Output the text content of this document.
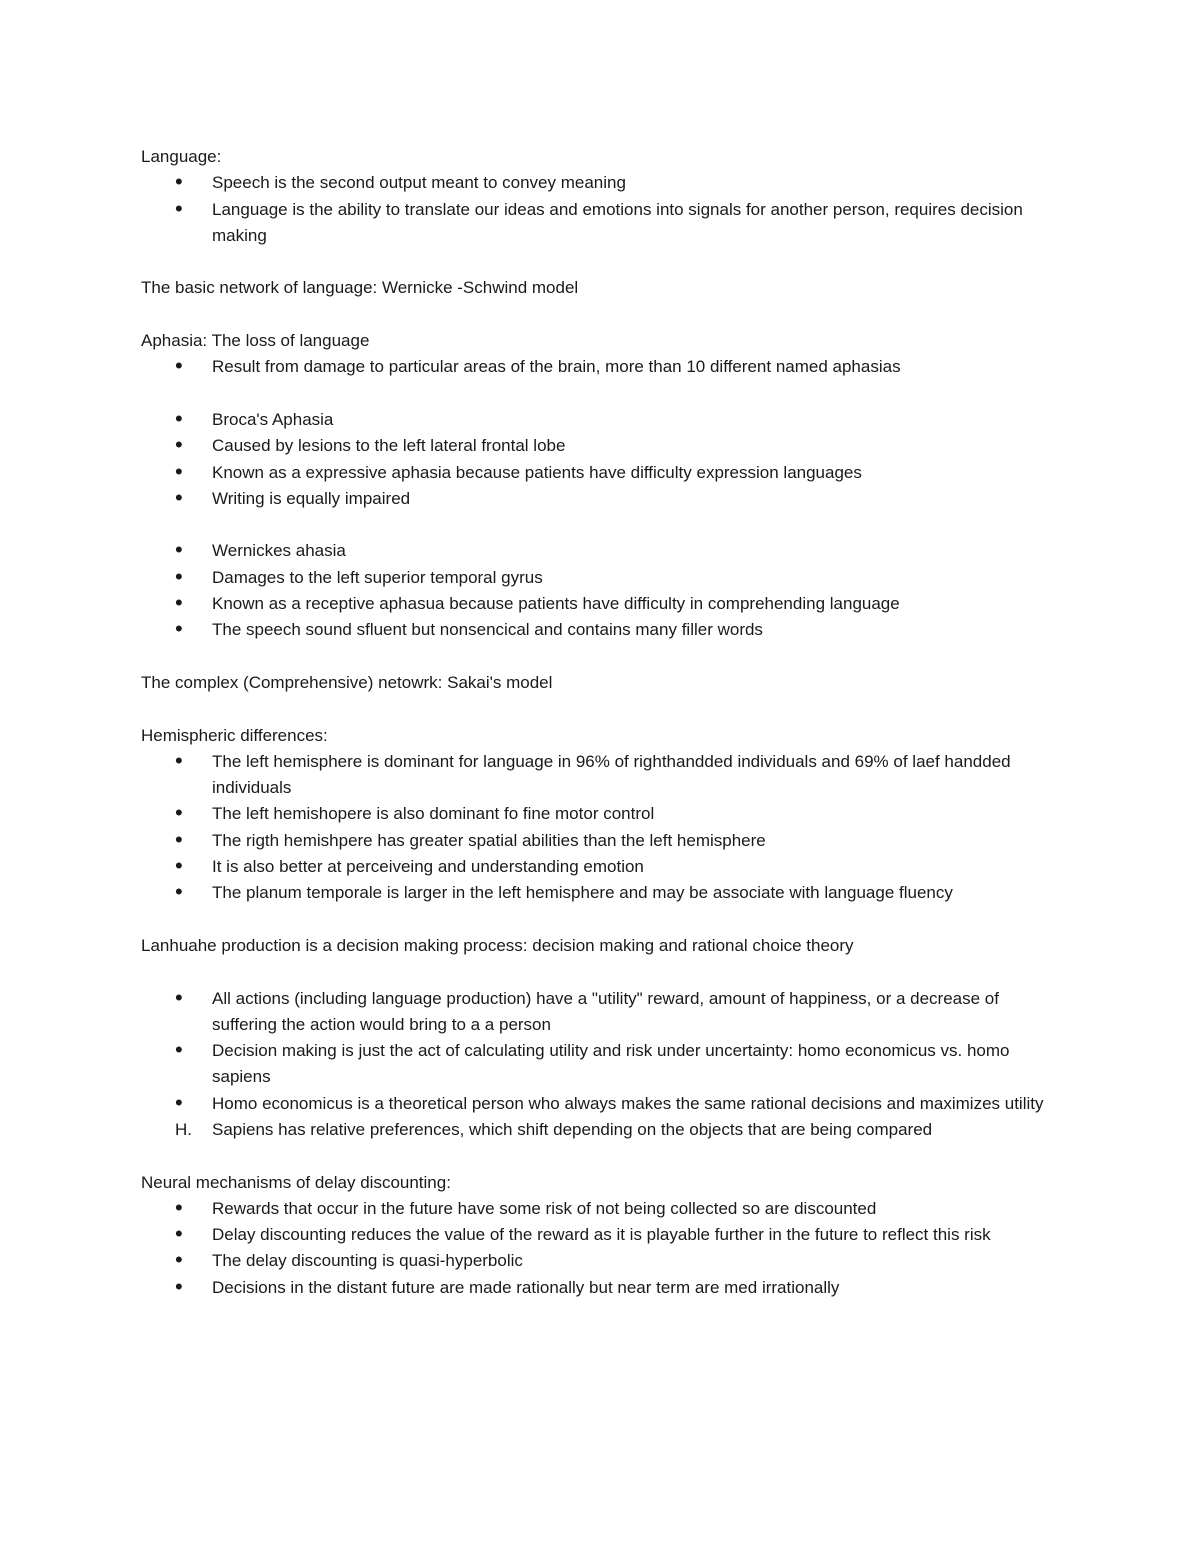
Language:

• Speech is the second output meant to convey meaning
• Language is the ability to translate our ideas and emotions into signals for another person, requires decision making

The basic network of language: Wernicke -Schwind model

Aphasia: The loss of language

• Result from damage to particular areas of the brain, more than 10 different named aphasias
• Broca's Aphasia
• Caused by lesions to the left lateral frontal lobe
• Known as a expressive aphasia because patients have difficulty expression languages
• Writing is equally impaired
• Wernickes ahasia
• Damages to the left superior temporal gyrus
• Known as a receptive aphasua because patients have difficulty in comprehending language
• The speech sound sfluent but nonsencical and contains many filler words

The complex (Comprehensive) netowrk: Sakai's model

Hemispheric differences:

• The left hemisphere is dominant for language in 96% of righthandded individuals and 69% of laef handded individuals
• The left hemishopere is also dominant fo fine motor control
• The rigth hemishpere has greater spatial abilities than the left hemisphere
• It is also better at perceiveing and understanding emotion
• The planum temporale is larger in the left hemisphere and may be associate with language fluency

Lanhuahe production is a decision making process: decision making and rational choice theory

• All actions (including language production) have a "utility" reward, amount of happiness, or a decrease of suffering the action would bring to a a person
• Decision making is just the act of calculating utility and risk under uncertainty: homo economicus vs. homo sapiens
• Homo economicus is a theoretical person who always makes the same rational decisions and maximizes utility
H. Sapiens has relative preferences, which shift depending on the objects that are being compared

Neural mechanisms of delay discounting:

• Rewards that occur in the future have some risk of not being collected so are discounted
• Delay discounting reduces the value of the reward as it is playable further in the future to reflect this risk
• The delay discounting is quasi-hyperbolic
• Decisions in the distant future are made rationally but near term are med irrationally
